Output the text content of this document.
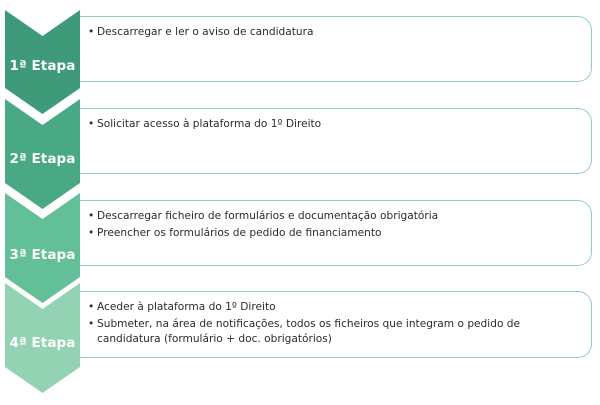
• Descarregar e ler o aviso de candidatura
1ª Etapa
• Solicitar acesso à plataforma do 1º Direito
2ª Etapa
• Descarregar ficheiro de formulários e documentação obrigatória
• Preencher os formulários de pedido de financiamento
3ª Etapa
• Aceder à plataforma do 1º Direito
• Submeter, na área de notificações, todos os ficheiros que integram o pedido de candidatura (formulário + doc. obrigatórios)
4ª Etapa
